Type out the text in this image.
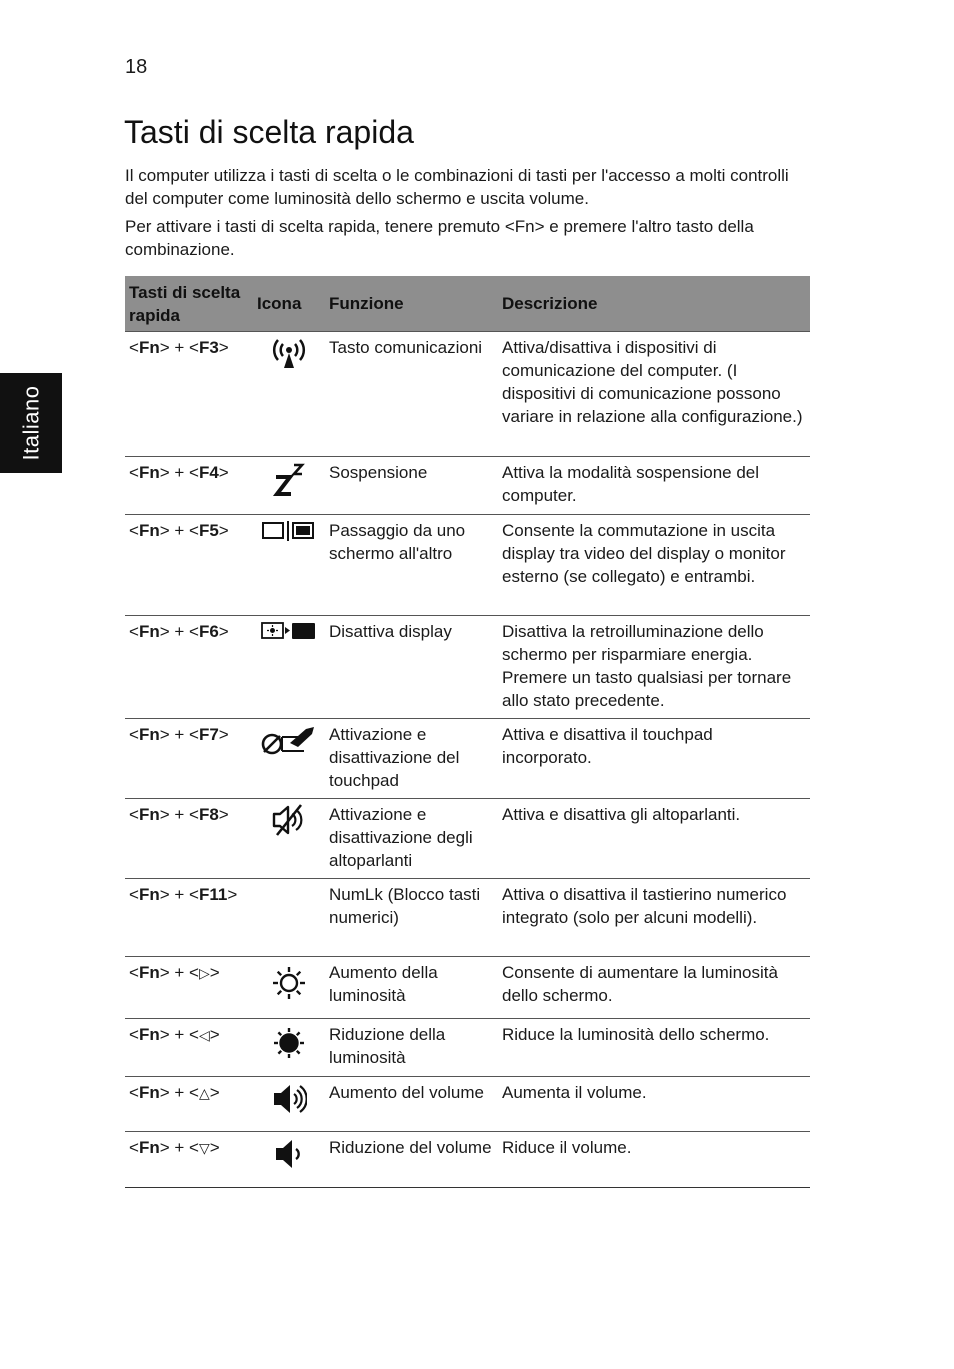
18
Italiano
Tasti di scelta rapida

Il computer utilizza i tasti di scelta o le combinazioni di tasti per l'accesso a molti controlli del computer come luminosità dello schermo e uscita volume.

Per attivare i tasti di scelta rapida, tenere premuto <Fn> e premere l'altro tasto della combinazione.

Tasti di scelta rapida	Icona	Funzione	Descrizione
<Fn> + <F3>		Tasto comunicazioni	Attiva/disattiva i dispositivi di comunicazione del computer. (I dispositivi di comunicazione possono variare in relazione alla configurazione.)
<Fn> + <F4>		Sospensione	Attiva la modalità sospensione del computer.
<Fn> + <F5>		Passaggio da uno schermo all'altro	Consente la commutazione in uscita display tra video del display o monitor esterno (se collegato) e entrambi.
<Fn> + <F6>		Disattiva display	Disattiva la retroilluminazione dello schermo per risparmiare energia. Premere un tasto qualsiasi per tornare allo stato precedente.
<Fn> + <F7>		Attivazione e disattivazione del touchpad	Attiva e disattiva il touchpad incorporato.
<Fn> + <F8>		Attivazione e disattivazione degli altoparlanti	Attiva e disattiva gli altoparlanti.
<Fn> + <F11>		NumLk (Blocco tasti numerici)	Attiva o disattiva il tastierino numerico integrato (solo per alcuni modelli).
<Fn> + <▷>		Aumento della luminosità	Consente di aumentare la luminosità dello schermo.
<Fn> + <◁>		Riduzione della luminosità	Riduce la luminosità dello schermo.
<Fn> + <△>		Aumento del volume	Aumenta il volume.
<Fn> + <▽>		Riduzione del volume	Riduce il volume.
